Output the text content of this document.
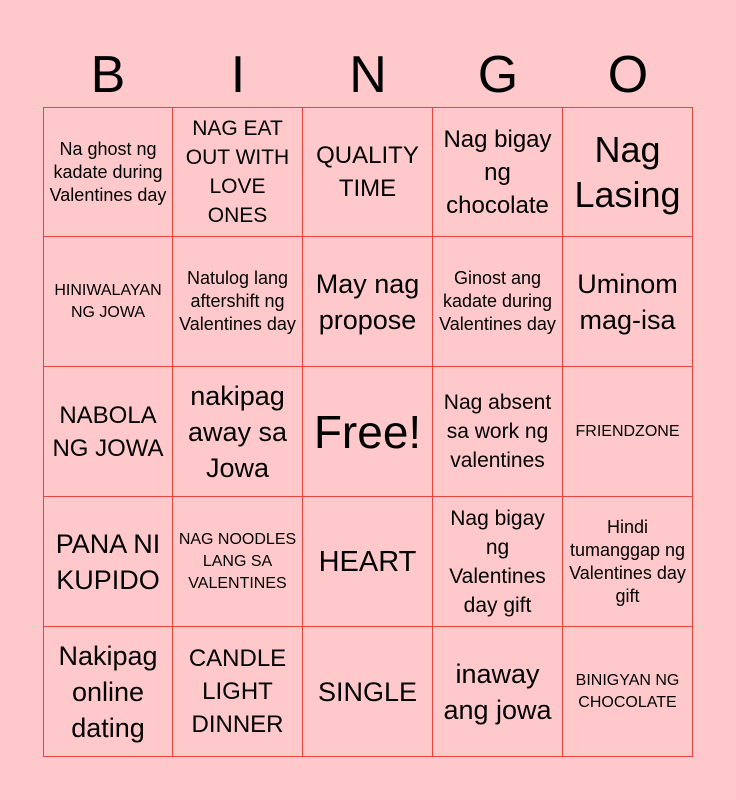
B	I	N	G	O
Na ghost ng kadate during Valentines day
NAG EAT OUT WITH LOVE ONES
QUALITY TIME
Nag bigay ng chocolate
Nag Lasing
HINIWALAYAN NG JOWA
Natulog lang aftershift ng Valentines day
May nag propose
Ginost ang kadate during Valentines day
Uminom mag-isa
NABOLA NG JOWA
nakipag away sa Jowa
Free!
Nag absent sa work ng valentines
FRIENDZONE
PANA NI KUPIDO
NAG NOODLES LANG SA VALENTINES
HEART
Nag bigay ng Valentines day gift
Hindi tumanggap ng Valentines day gift
Nakipag online dating
CANDLE LIGHT DINNER
SINGLE
inaway ang jowa
BINIGYAN NG CHOCOLATE
